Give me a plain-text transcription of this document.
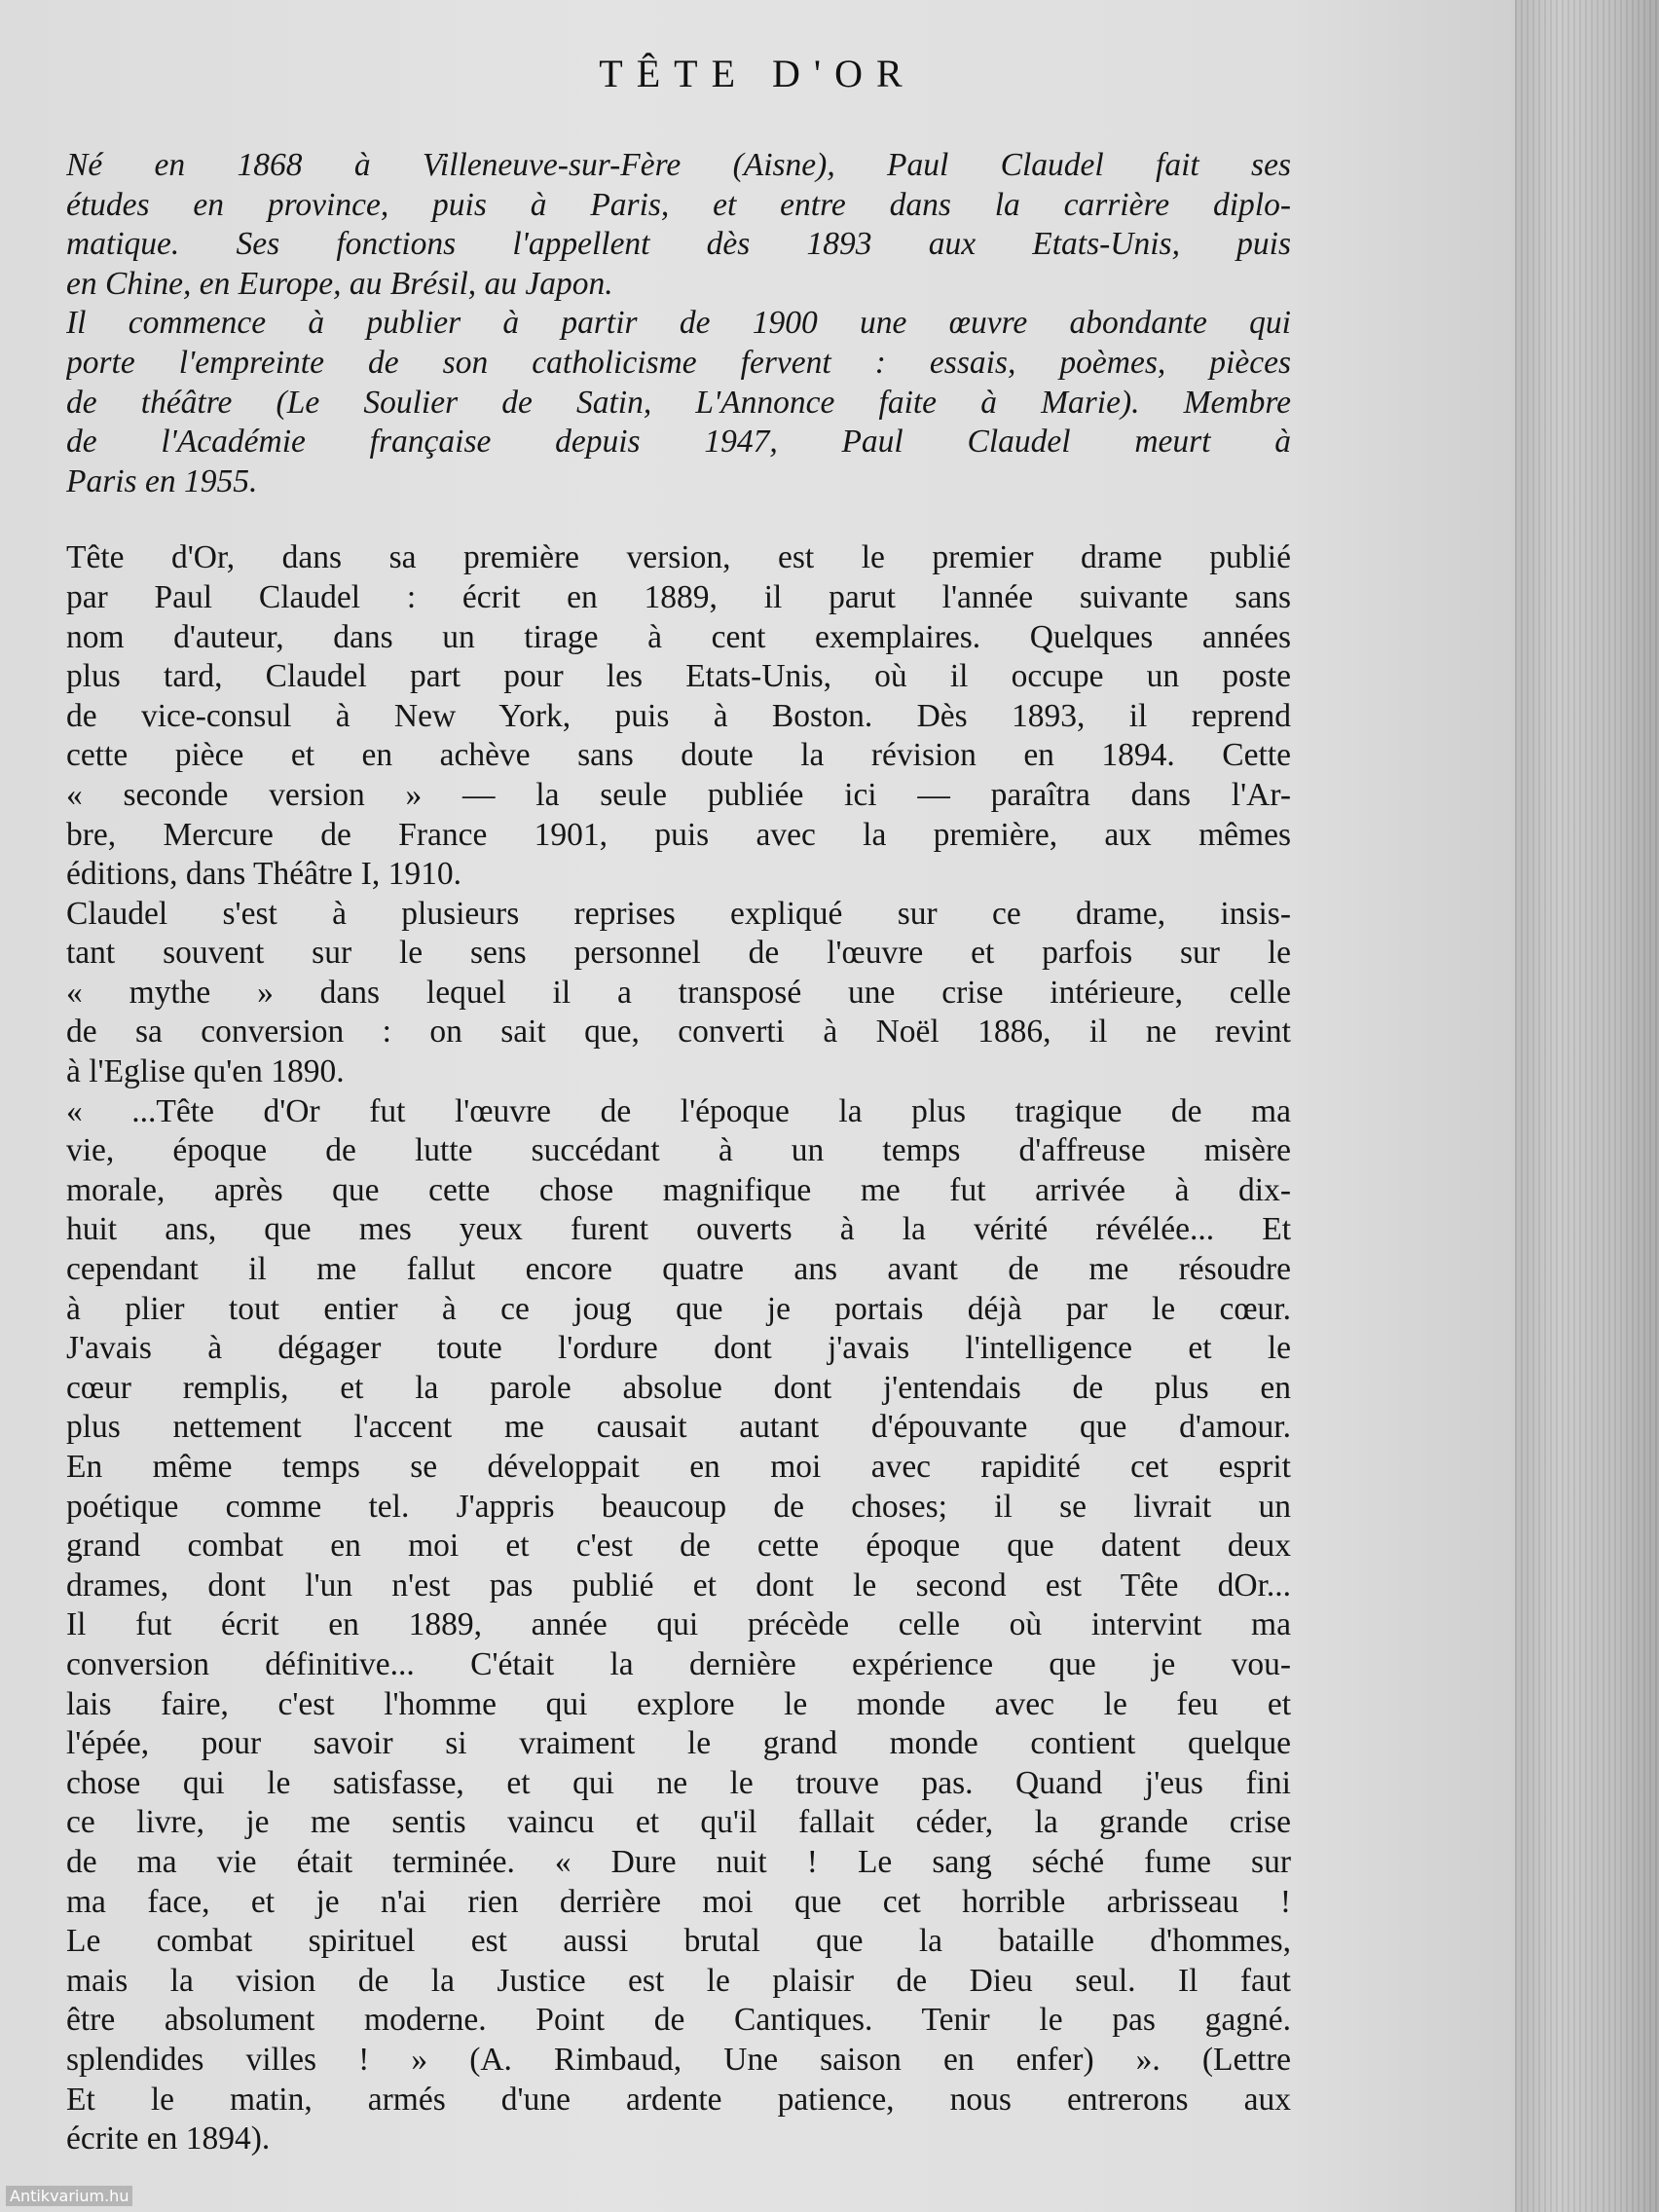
TÊTE D'OR
Né en 1868 à Villeneuve-sur-Fère (Aisne), Paul Claudel fait ses
études en province, puis à Paris, et entre dans la carrière diplo-
matique. Ses fonctions l'appellent dès 1893 aux Etats-Unis, puis
en Chine, en Europe, au Brésil, au Japon.
Il commence à publier à partir de 1900 une œuvre abondante qui
porte l'empreinte de son catholicisme fervent : essais, poèmes, pièces
de théâtre (Le Soulier de Satin, L'Annonce faite à Marie). Membre
de l'Académie française depuis 1947, Paul Claudel meurt à
Paris en 1955.
Tête d'Or, dans sa première version, est le premier drame publié
par Paul Claudel : écrit en 1889, il parut l'année suivante sans
nom d'auteur, dans un tirage à cent exemplaires. Quelques années
plus tard, Claudel part pour les Etats-Unis, où il occupe un poste
de vice-consul à New York, puis à Boston. Dès 1893, il reprend
cette pièce et en achève sans doute la révision en 1894. Cette
« seconde version » — la seule publiée ici — paraîtra dans l'Ar-
bre, Mercure de France 1901, puis avec la première, aux mêmes
éditions, dans Théâtre I, 1910.
Claudel s'est à plusieurs reprises expliqué sur ce drame, insis-
tant souvent sur le sens personnel de l'œuvre et parfois sur le
« mythe » dans lequel il a transposé une crise intérieure, celle
de sa conversion : on sait que, converti à Noël 1886, il ne revint
à l'Eglise qu'en 1890.
« ...Tête d'Or fut l'œuvre de l'époque la plus tragique de ma
vie, époque de lutte succédant à un temps d'affreuse misère
morale, après que cette chose magnifique me fut arrivée à dix-
huit ans, que mes yeux furent ouverts à la vérité révélée... Et
cependant il me fallut encore quatre ans avant de me résoudre
à plier tout entier à ce joug que je portais déjà par le cœur.
J'avais à dégager toute l'ordure dont j'avais l'intelligence et le
cœur remplis, et la parole absolue dont j'entendais de plus en
plus nettement l'accent me causait autant d'épouvante que d'amour.
En même temps se développait en moi avec rapidité cet esprit
poétique comme tel. J'appris beaucoup de choses; il se livrait un
grand combat en moi et c'est de cette époque que datent deux
drames, dont l'un n'est pas publié et dont le second est Tête dOr...
Il fut écrit en 1889, année qui précède celle où intervint ma
conversion définitive... C'était la dernière expérience que je vou-
lais faire, c'est l'homme qui explore le monde avec le feu et
l'épée, pour savoir si vraiment le grand monde contient quelque
chose qui le satisfasse, et qui ne le trouve pas. Quand j'eus fini
ce livre, je me sentis vaincu et qu'il fallait céder, la grande crise
de ma vie était terminée. « Dure nuit ! Le sang séché fume sur
ma face, et je n'ai rien derrière moi que cet horrible arbrisseau !
Le combat spirituel est aussi brutal que la bataille d'hommes,
mais la vision de la Justice est le plaisir de Dieu seul. Il faut
être absolument moderne. Point de Cantiques. Tenir le pas gagné.
splendides villes ! » (A. Rimbaud, Une saison en enfer) ». (Lettre
Et le matin, armés d'une ardente patience, nous entrerons aux
écrite en 1894).
Antikvarium.hu
